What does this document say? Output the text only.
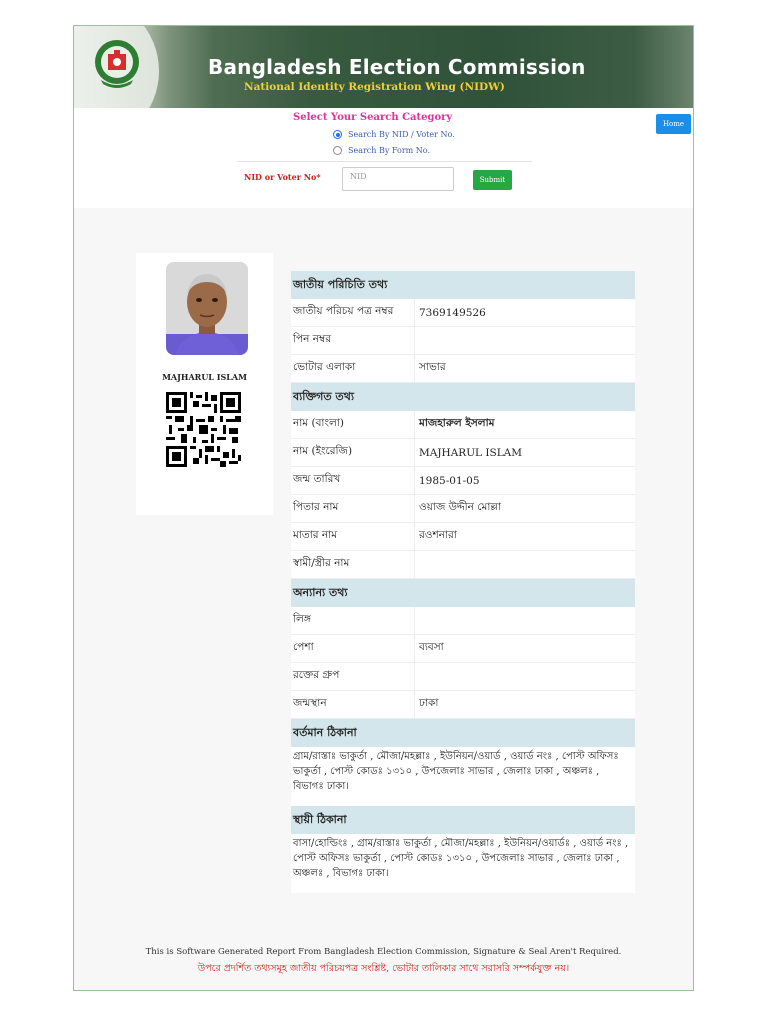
Bangladesh Election Commission
National Identity Registration Wing (NIDW)
Select Your Search Category
Search By NID / Voter No.
Search By Form No.
NID or Voter No*	NID	Submit
Home
MAJHARUL ISLAM
জাতীয় পরিচিতি তথ্য
জাতীয় পরিচয় পত্র নম্বর	7369149526
পিন নম্বর
ভোটার এলাকা	সাভার
ব্যক্তিগত তথ্য
নাম (বাংলা)	মাজহারুল ইসলাম
নাম (ইংরেজি)	MAJHARUL ISLAM
জন্ম তারিখ	1985-01-05
পিতার নাম	ওয়াজ উদ্দীন মোল্লা
মাতার নাম	রওশনারা
স্বামী/স্ত্রীর নাম
অন্যান্য তথ্য
লিঙ্গ
পেশা	ব্যবসা
রক্তের গ্রুপ
জন্মস্থান	ঢাকা
বর্তমান ঠিকানা
গ্রাম/রাস্তাঃ ভাকুর্তা , মৌজা/মহল্লাঃ , ইউনিয়ন/ওয়ার্ড , ওয়ার্ড নংঃ , পোস্ট অফিসঃ ভাকুর্তা , পোস্ট কোডঃ ১৩১০ , উপজেলাঃ সাভার , জেলাঃ ঢাকা , অঞ্চলঃ , বিভাগঃ ঢাকা।
স্থায়ী ঠিকানা
বাসা/হোল্ডিংঃ , গ্রাম/রাস্তাঃ ভাকুর্তা , মৌজা/মহল্লাঃ , ইউনিয়ন/ওয়ার্ডঃ , ওয়ার্ড নংঃ , পোস্ট অফিসঃ ভাকুর্তা , পোস্ট কোডঃ ১৩১০ , উপজেলাঃ সাভার , জেলাঃ ঢাকা , অঞ্চলঃ , বিভাগঃ ঢাকা।
This is Software Generated Report From Bangladesh Election Commission, Signature & Seal Aren't Required.
উপরে প্রদর্শিত তথ্যসমূহ জাতীয় পরিচয়পত্র সংশ্লিষ্ট, ভোটার তালিকার সাথে সরাসরি সম্পর্কযুক্ত নয়।
